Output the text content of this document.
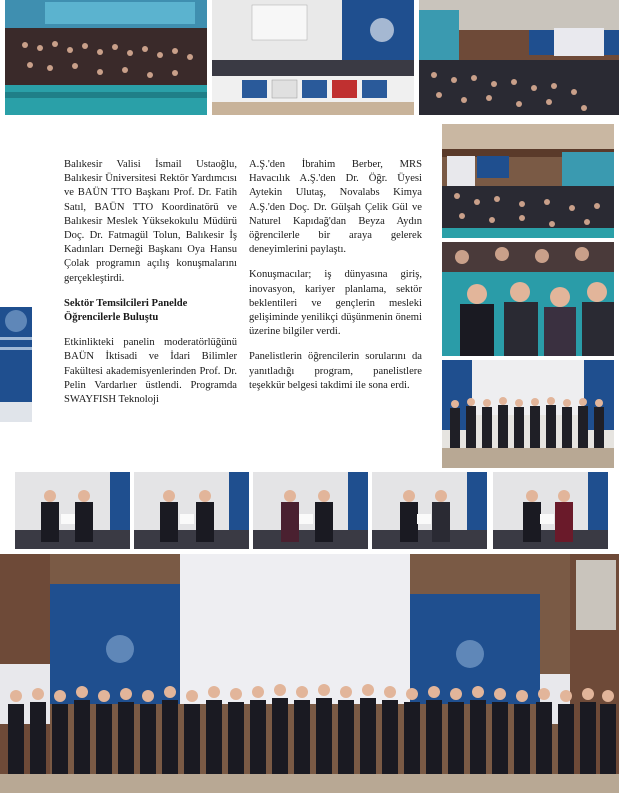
Balıkesir Valisi İsmail Ustaoğlu, Balıkesir Üniversitesi Rektör Yardımcısı ve BAÜN TTO Başkanı Prof. Dr. Fatih Satıl, BAÜN TTO Koordinatörü ve Balıkesir Meslek Yüksekokulu Müdürü Doç. Dr. Fatmagül Tolun, Balıkesir İş Kadınları Derneği Başkanı Oya Hansu Çolak programın açılış konuşmalarını gerçekleştirdi.

Sektör Temsilcileri Panelde Öğrencilerle Buluştu

Etkinlikteki panelin moderatörlüğünü BAÜN İktisadi ve İdari Bilimler Fakültesi akademisyenlerinden Prof. Dr. Pelin Vardarlıer üstlendi. Programda SWAYFISH Teknoloji

A.Ş.'den İbrahim Berber, MRS Havacılık A.Ş.'den Dr. Öğr. Üyesi Aytekin Ulutaş, Novalabs Kimya A.Ş.'den Doç. Dr. Gülşah Çelik Gül ve Naturel Kapıdağ'dan Beyza Aydın öğrencilerle bir araya gelerek deneyimlerini paylaştı.

Konuşmacılar; iş dünyasına giriş, inovasyon, kariyer planlama, sektör beklentileri ve gençlerin mesleki gelişiminde yenilikçi düşünmenin önemi üzerine bilgiler verdi.

Panelistlerin öğrencilerin sorularını da yanıtladığı program, panelistlere teşekkür belgesi takdimi ile sona erdi.
